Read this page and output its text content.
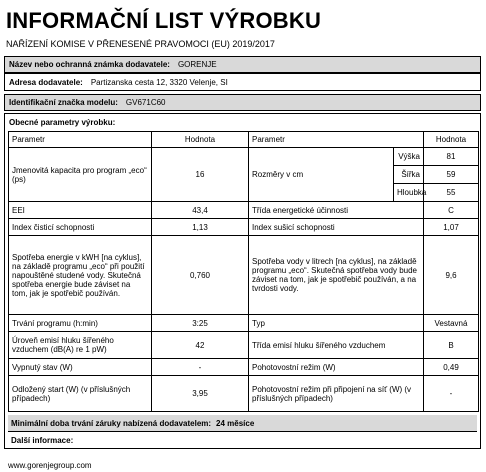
INFORMAČNÍ LIST VÝROBKU
NAŘÍZENÍ KOMISE V PŘENESENÉ PRAVOMOCI (EU) 2019/2017
Název nebo ochranná známka dodavatele: GORENJE
Adresa dodavatele: Partizanska cesta 12, 3320 Velenje, SI
Identifikační značka modelu: GV671C60
Obecné parametry výrobku:
Parametr	Hodnota	Parametr		Hodnota
Jmenovitá kapacita pro program „eco“ (ps)	16	Rozměry v cm	Výška	81
			Šířka	59
			Hloubka	55
EEI	43,4	Třída energetické účinnosti		C
Index čisticí schopnosti	1,13	Index sušicí schopnosti		1,07
Spotřeba energie v kWH [na cyklus], na základě programu „eco“ při použití napouštěné studené vody. Skutečná spotřeba energie bude záviset na tom, jak je spotřebič používán.	0,760	Spotřeba vody v litrech [na cyklus], na základě programu „eco“. Skutečná spotřeba vody bude záviset na tom, jak je spotřebič používán, a na tvrdosti vody.		9,6
Trvání programu (h:min)	3:25	Typ		Vestavná
Úroveň emisí hluku šířeného vzduchem (dB(A) re 1 pW)	42	Třída emisí hluku šířeného vzduchem		B
Vypnutý stav (W)	-	Pohotovostní režim (W)		0,49
Odložený start (W) (v příslušných případech)	3,95	Pohotovostní režim při připojení na síť (W) (v příslušných případech)		-
Minimální doba trvání záruky nabízená dodavatelem: 24 měsíce
Další informace:
www.gorenjegroup.com
